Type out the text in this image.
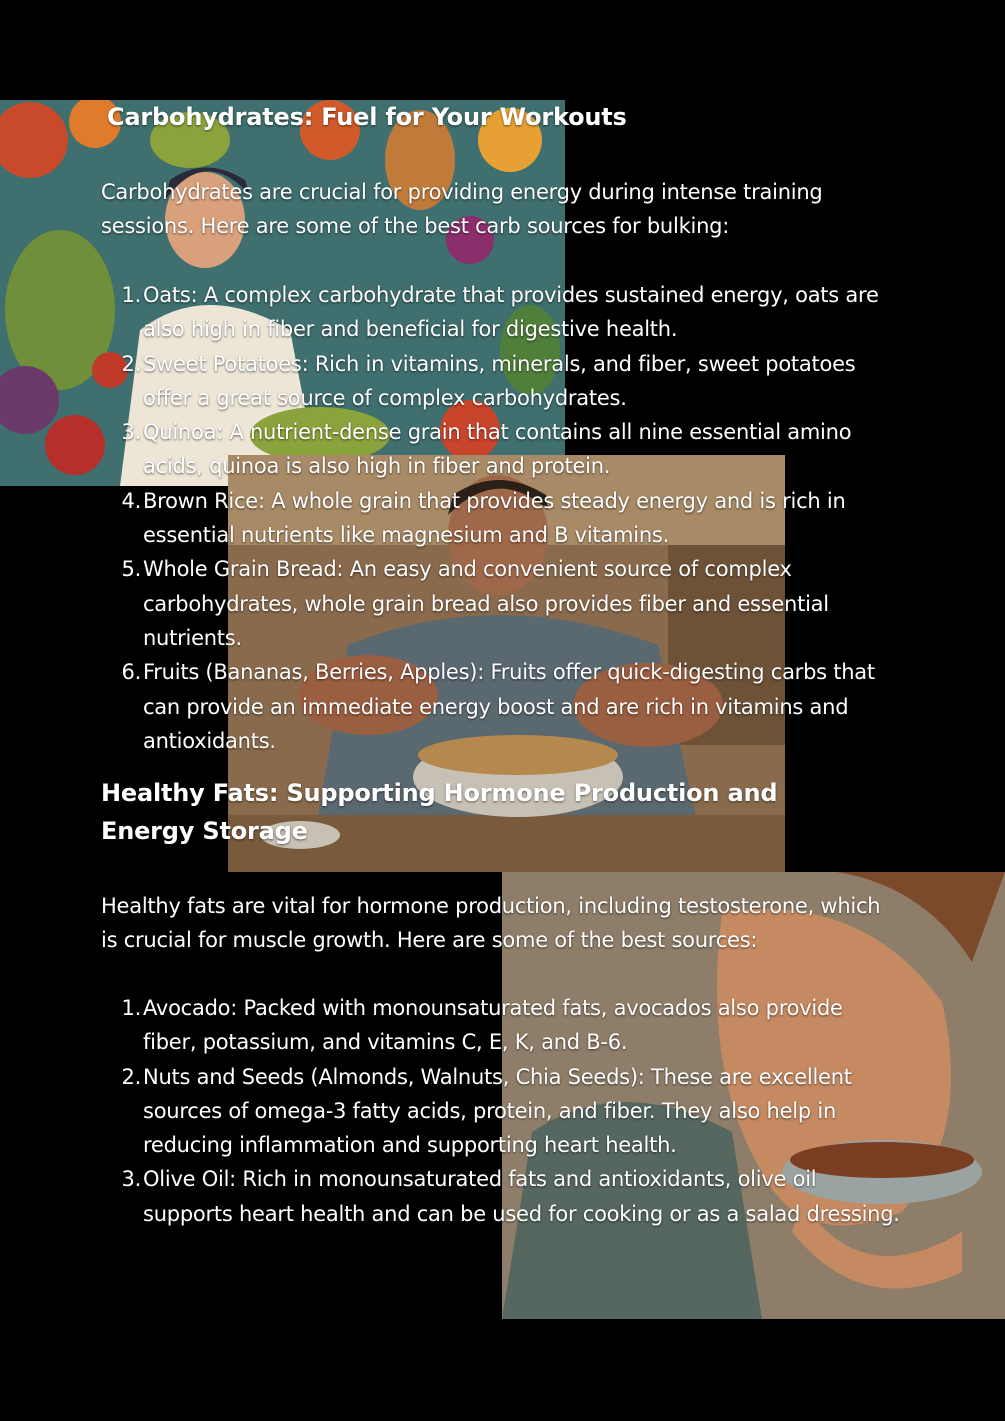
Carbohydrates: Fuel for Your Workouts

Carbohydrates are crucial for providing energy during intense training sessions. Here are some of the best carb sources for bulking:

1. Oats: A complex carbohydrate that provides sustained energy, oats are also high in fiber and beneficial for digestive health.
2. Sweet Potatoes: Rich in vitamins, minerals, and fiber, sweet potatoes offer a great source of complex carbohydrates.
3. Quinoa: A nutrient-dense grain that contains all nine essential amino acids, quinoa is also high in fiber and protein.
4. Brown Rice: A whole grain that provides steady energy and is rich in essential nutrients like magnesium and B vitamins.
5. Whole Grain Bread: An easy and convenient source of complex carbohydrates, whole grain bread also provides fiber and essential nutrients.
6. Fruits (Bananas, Berries, Apples): Fruits offer quick-digesting carbs that can provide an immediate energy boost and are rich in vitamins and antioxidants.
Healthy Fats: Supporting Hormone Production and Energy Storage

Healthy fats are vital for hormone production, including testosterone, which is crucial for muscle growth. Here are some of the best sources:

1. Avocado: Packed with monounsaturated fats, avocados also provide fiber, potassium, and vitamins C, E, K, and B-6.
2. Nuts and Seeds (Almonds, Walnuts, Chia Seeds): These are excellent sources of omega-3 fatty acids, protein, and fiber. They also help in reducing inflammation and supporting heart health.
3. Olive Oil: Rich in monounsaturated fats and antioxidants, olive oil supports heart health and can be used for cooking or as a salad dressing.
